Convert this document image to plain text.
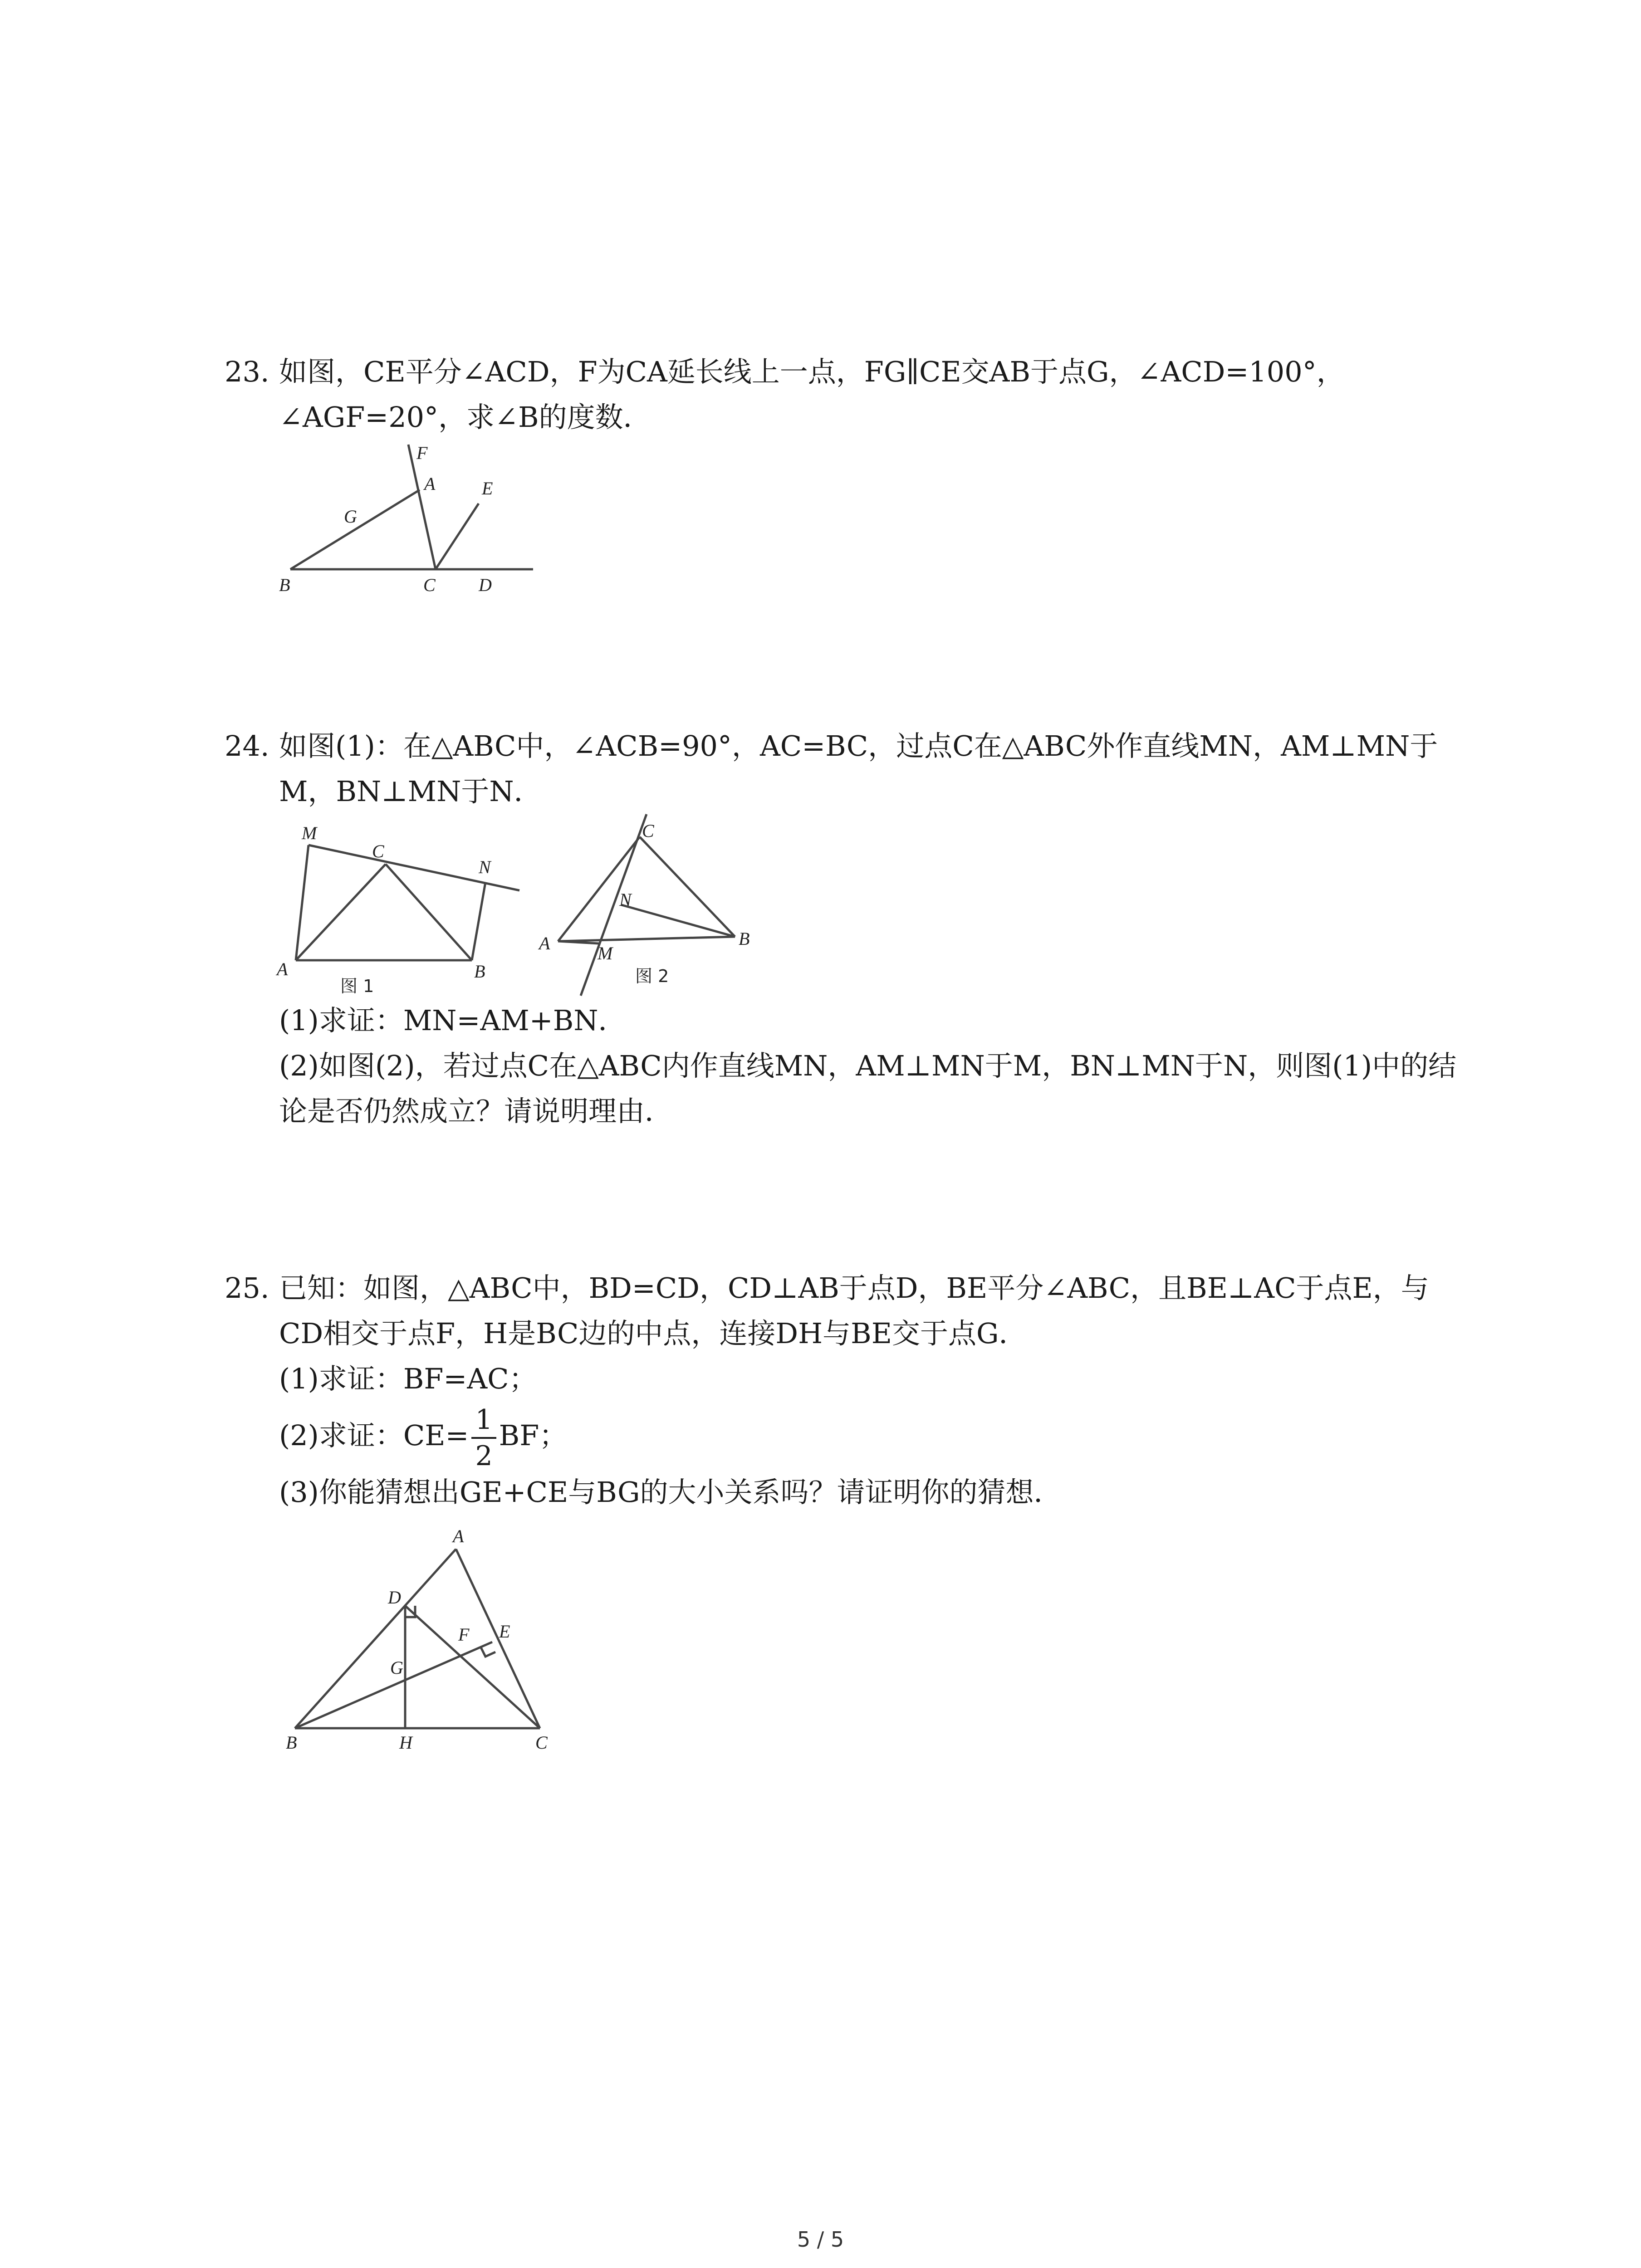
23. 如图，CE平分∠ACD，F为CA延长线上一点，FG∥CE交AB于点G，∠ACD=100°，
∠AGF=20°，求∠B的度数．
F
A	E
G
B	C D
24. 如图(1)：在△ABC中，∠ACB=90°，AC=BC，过点C在△ABC外作直线MN，AM⊥MN于
M，BN⊥MN于N．
M
C
N
A	B
图 1
C
N
A	M
B
图 2
(1)求证：MN=AM+BN．
(2)如图(2)，若过点C在△ABC内作直线MN，AM⊥MN于M，BN⊥MN于N，则图(1)中的结
论是否仍然成立？请说明理由．
25. 已知：如图，△ABC中，BD=CD，CD⊥AB于点D，BE平分∠ABC，且BE⊥AC于点E，与
CD相交于点F，H是BC边的中点，连接DH与BE交于点G．
(1)求证：BF=AC；
(2)求证：$CE= \frac{1}{2}$ BF；
(3)你能猜想出GE+CE与BG的大小关系吗？请证明你的猜想．
A
D
E
F
G
B	H	C
5 / 5
